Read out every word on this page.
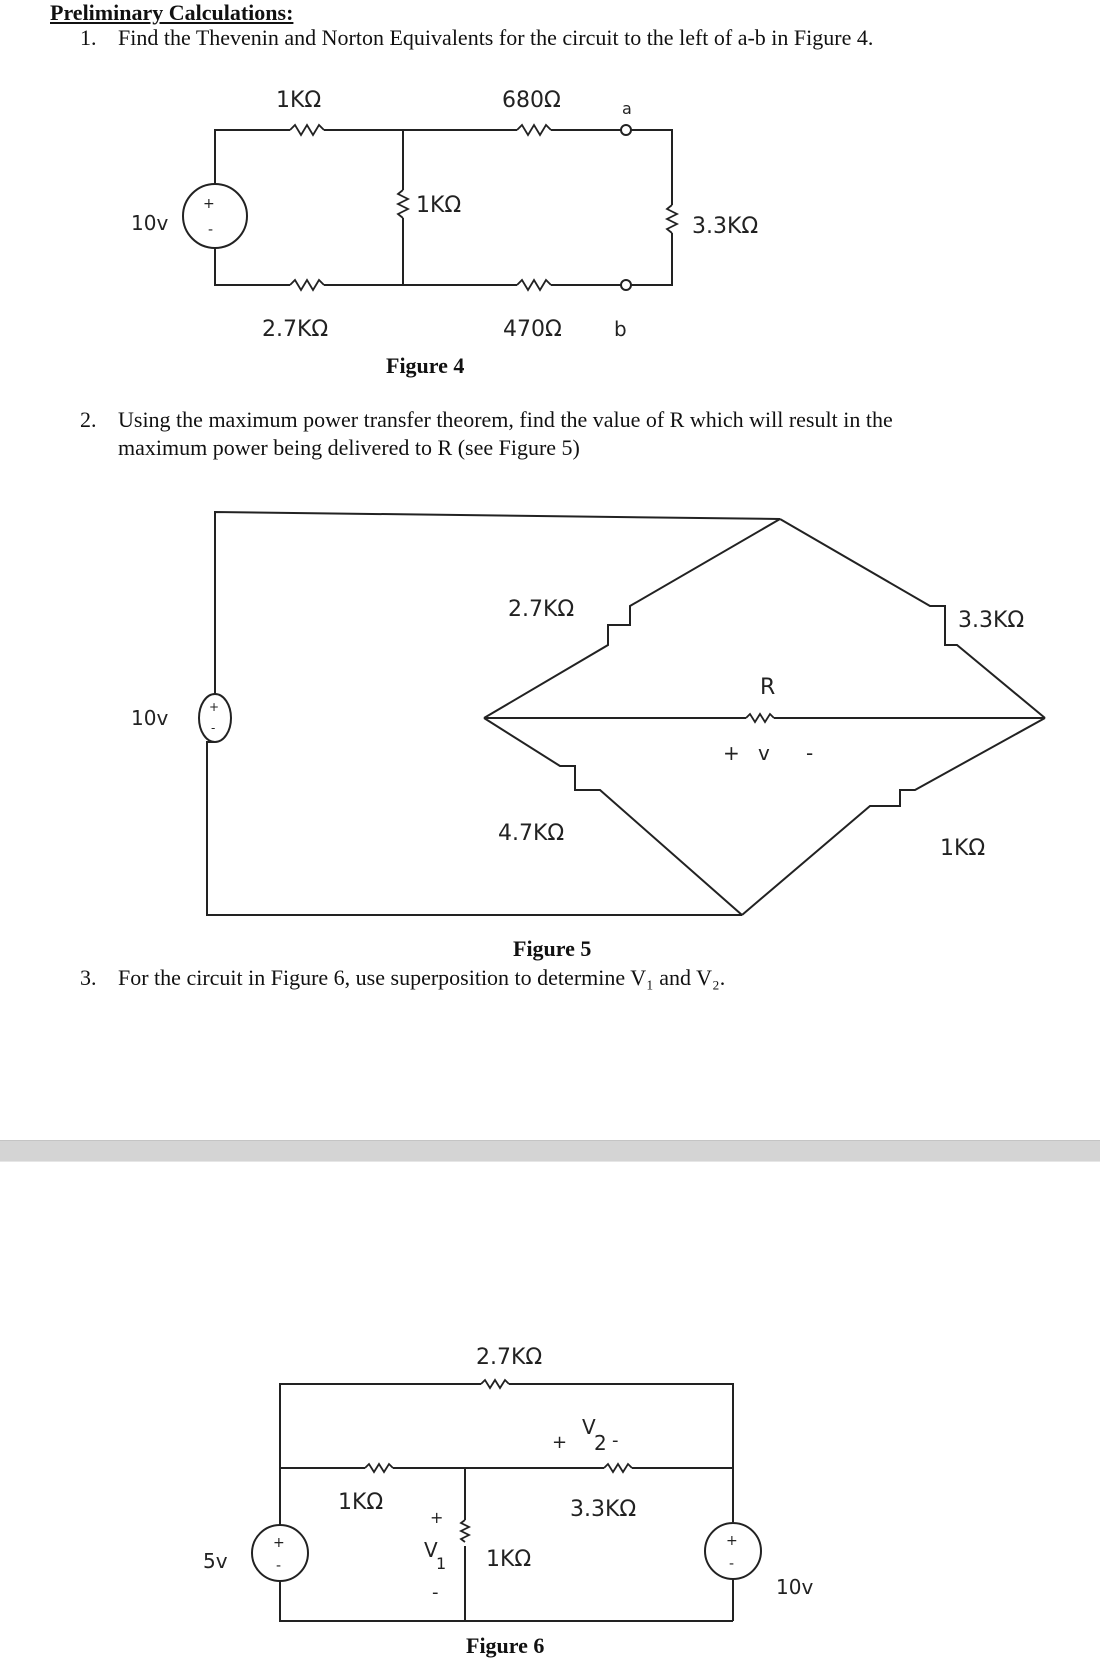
Preliminary Calculations:
1. Find the Thevenin and Norton Equivalents for the circuit to the left of a-b in Figure 4.
+
-
1KΩ	680Ω	a
1KΩ
10v	3.3KΩ
2.7KΩ	470Ω	b
Figure 4
2. Using the maximum power transfer theorem, find the value of R which will result in the
maximum power being delivered to R (see Figure 5)
+
-
2.7KΩ	3.3KΩ
R
10v
+ v -
4.7KΩ
1KΩ
Figure 5
3. For the circuit in Figure 6, use superposition to determine V₁ and V₂.
+
-
+
-
2.7KΩ
+
V
2 -
1KΩ	3.3KΩ
+
V
1
-
1KΩ
5v
10v
Figure 6
